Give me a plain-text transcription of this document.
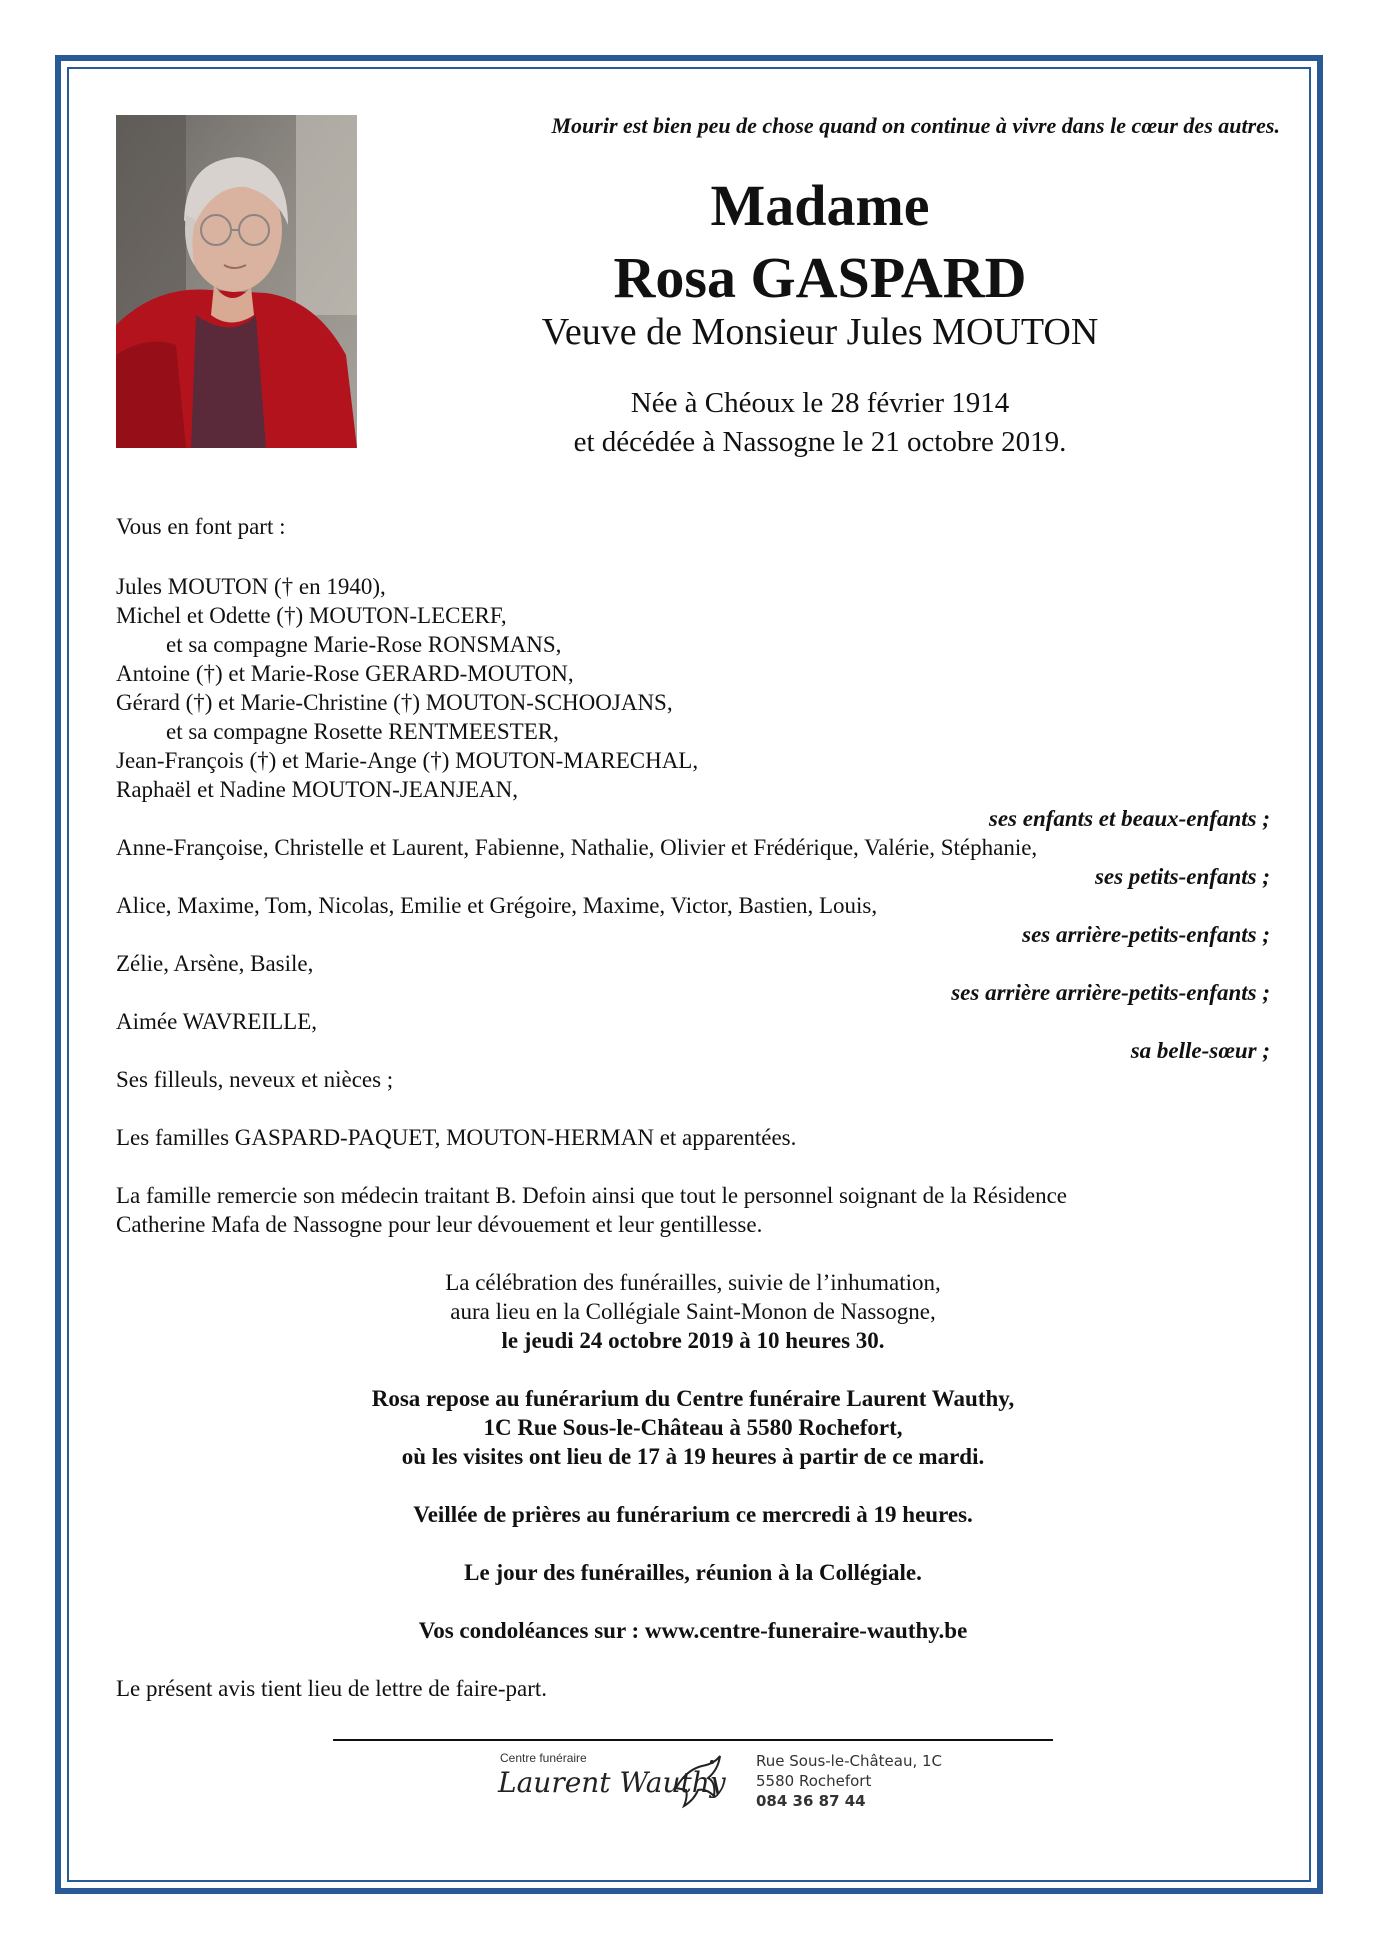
Mourir est bien peu de chose quand on continue à vivre dans le cœur des autres.
Madame
Rosa GASPARD
Veuve de Monsieur Jules MOUTON
Née à Chéoux le 28 février 1914
et décédée à Nassogne le 21 octobre 2019.
Vous en font part :
Jules MOUTON († en 1940),
Michel et Odette (†) MOUTON-LECERF,
et sa compagne Marie-Rose RONSMANS,
Antoine (†) et Marie-Rose GERARD-MOUTON,
Gérard (†) et Marie-Christine (†) MOUTON-SCHOOJANS,
et sa compagne Rosette RENTMEESTER,
Jean-François (†) et Marie-Ange (†) MOUTON-MARECHAL,
Raphaël et Nadine MOUTON-JEANJEAN,
ses enfants et beaux-enfants ;
Anne-Françoise, Christelle et Laurent, Fabienne, Nathalie, Olivier et Frédérique, Valérie, Stéphanie,
ses petits-enfants ;
Alice, Maxime, Tom, Nicolas, Emilie et Grégoire, Maxime, Victor, Bastien, Louis,
ses arrière-petits-enfants ;
Zélie, Arsène, Basile,
ses arrière arrière-petits-enfants ;
Aimée WAVREILLE,
sa belle-sœur ;
Ses filleuls, neveux et nièces ;
Les familles GASPARD-PAQUET, MOUTON-HERMAN et apparentées.
La famille remercie son médecin traitant B. Defoin ainsi que tout le personnel soignant de la Résidence
Catherine Mafa de Nassogne pour leur dévouement et leur gentillesse.
La célébration des funérailles, suivie de l’inhumation,
aura lieu en la Collégiale Saint-Monon de Nassogne,
le jeudi 24 octobre 2019 à 10 heures 30.
Rosa repose au funérarium du Centre funéraire Laurent Wauthy,
1C Rue Sous-le-Château à 5580 Rochefort,
où les visites ont lieu de 17 à 19 heures à partir de ce mardi.
Veillée de prières au funérarium ce mercredi à 19 heures.
Le jour des funérailles, réunion à la Collégiale.
Vos condoléances sur : www.centre-funeraire-wauthy.be
Le présent avis tient lieu de lettre de faire-part.
Centre funéraire
Laurent Wauthy
Rue Sous-le-Château, 1C
5580 Rochefort
084 36 87 44
